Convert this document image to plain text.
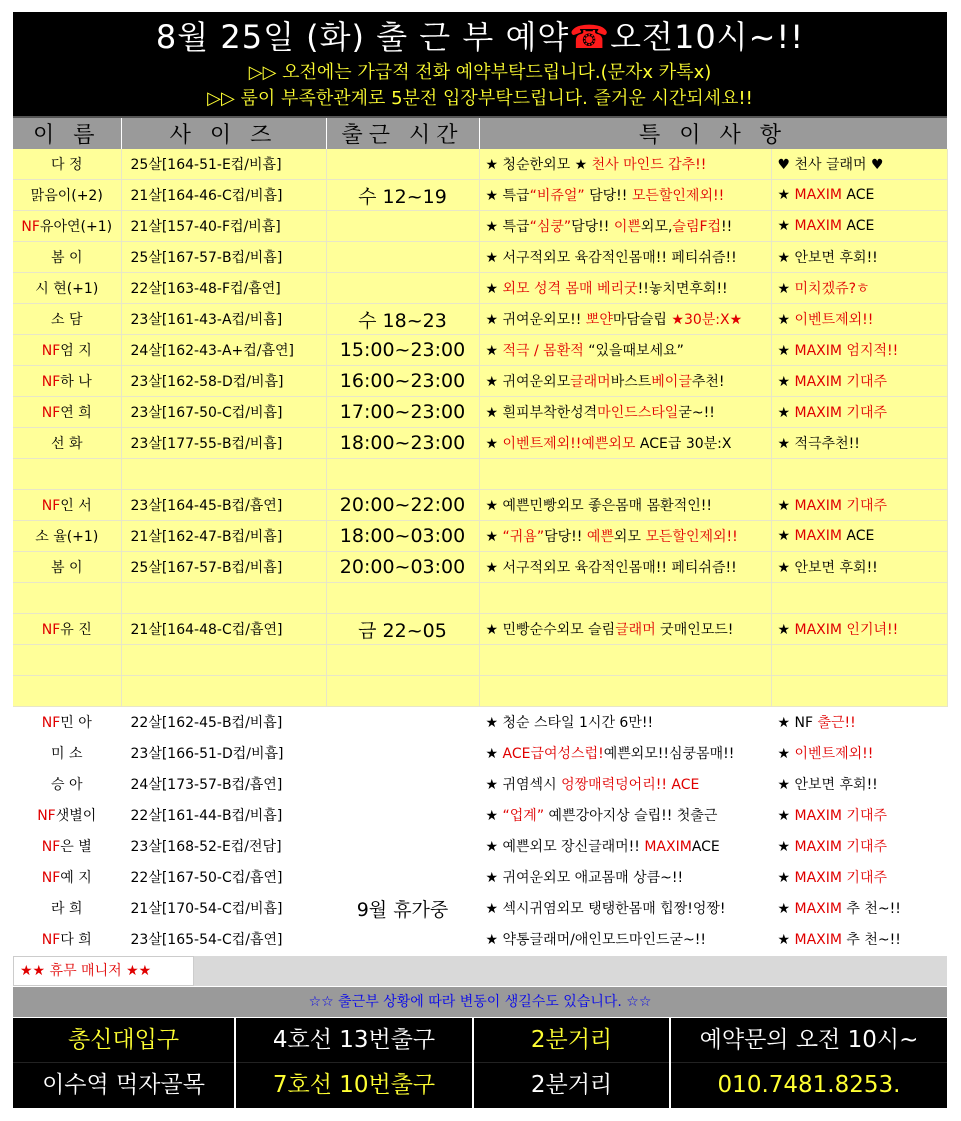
8월 25일 (화) 출 근 부 예약☎오전10시~!!
▷▷ 오전에는 가급적 전화 예약부탁드립니다.(문자x 카톡x)
▷▷ 룸이 부족한관계로 5분전 입장부탁드립니다. 즐거운 시간되세요!!
이 름	사 이 즈	출근 시간	특 이 사 항	
다 정	25살[164-51-E컵/비흡]		★ 청순한외모 ★ 천사 마인드 갑추!!	♥ 천사 글래머 ♥
맑음이(+2)	21살[164-46-C컵/비흡]	수 12~19	★ 특급“비쥬얼” 담당!! 모든할인제외!!	★ MAXIM ACE
NF유아연(+1)	21살[157-40-F컵/비흡]		★ 특급“심쿵”담당!! 이쁜외모,슬림F컵!!	★ MAXIM ACE
봄 이	25살[167-57-B컵/비흡]		★ 서구적외모 육감적인몸매!! 페티쉬즘!!	★ 안보면 후회!!
시 현(+1)	22살[163-48-F컵/흡연]		★ 외모 성격 몸매 베리굿!!놓치면후회!!	★ 미치겠쥬?ㅎ
소 담	23살[161-43-A컵/비흡]	수 18~23	★ 귀여운외모!! 뽀얀마담슬립 ★30분:X★	★ 이벤트제외!!
NF엄 지	24살[162-43-A+컵/흡연]	15:00~23:00	★ 적극 / 몸환적 “있을때보세요”	★ MAXIM 엄지적!!
NF하 나	23살[162-58-D컵/비흡]	16:00~23:00	★ 귀여운외모글래머바스트베이글추천!	★ MAXIM 기대주
NF연 희	23살[167-50-C컵/비흡]	17:00~23:00	★ 흰피부착한성격마인드스타일굳~!!	★ MAXIM 기대주
선 화	23살[177-55-B컵/비흡]	18:00~23:00	★ 이벤트제외!!예쁜외모 ACE급 30분:X	★ 적극추천!!

NF인 서	23살[164-45-B컵/흡연]	20:00~22:00	★ 예쁜민빵외모 좋은몸매 몸환적인!!	★ MAXIM 기대주
소 율(+1)	21살[162-47-B컵/비흡]	18:00~03:00	★ “귀욤”담당!! 예쁜외모 모든할인제외!!	★ MAXIM ACE
봄 이	25살[167-57-B컵/비흡]	20:00~03:00	★ 서구적외모 육감적인몸매!! 페티쉬즘!!	★ 안보면 후회!!

NF유 진	21살[164-48-C컵/흡연]	금 22~05	★ 민빵순수외모 슬림글래머 굿매인모드!	★ MAXIM 인기녀!!

NF민 아	22살[162-45-B컵/비흡]		★ 청순 스타일 1시간 6만!!	★ NF 출근!!
미 소	23살[166-51-D컵/비흡]		★ ACE급여성스럽!예쁜외모!!심쿵몸매!!	★ 이벤트제외!!
승 아	24살[173-57-B컵/흡연]		★ 귀염섹시 엉짱매력덩어리!! ACE	★ 안보면 후회!!
NF샛별이	22살[161-44-B컵/비흡]		★ “업계” 예쁜강아지상 슬립!! 첫출근	★ MAXIM 기대주
NF은 별	23살[168-52-E컵/전담]		★ 예쁜외모 장신글래머!! MAXIMACE	★ MAXIM 기대주
NF예 지	22살[167-50-C컵/흡연]		★ 귀여운외모 애교몸매 상큼~!!	★ MAXIM 기대주
라 희	21살[170-54-C컵/비흡]	9월 휴가중	★ 섹시귀염외모 탱탱한몸매 힙짱!엉짱!	★ MAXIM 추 천~!!
NF다 희	23살[165-54-C컵/흡연]		★ 약통글래머/애인모드마인드굳~!!	★ MAXIM 추 천~!!
★★ 휴무 매니저 ★★
☆☆ 출근부 상황에 따라 변동이 생길수도 있습니다. ☆☆
총신대입구	4호선 13번출구	2분거리	예약문의 오전 10시~
이수역 먹자골목	7호선 10번출구	2분거리	010.7481.8253.
